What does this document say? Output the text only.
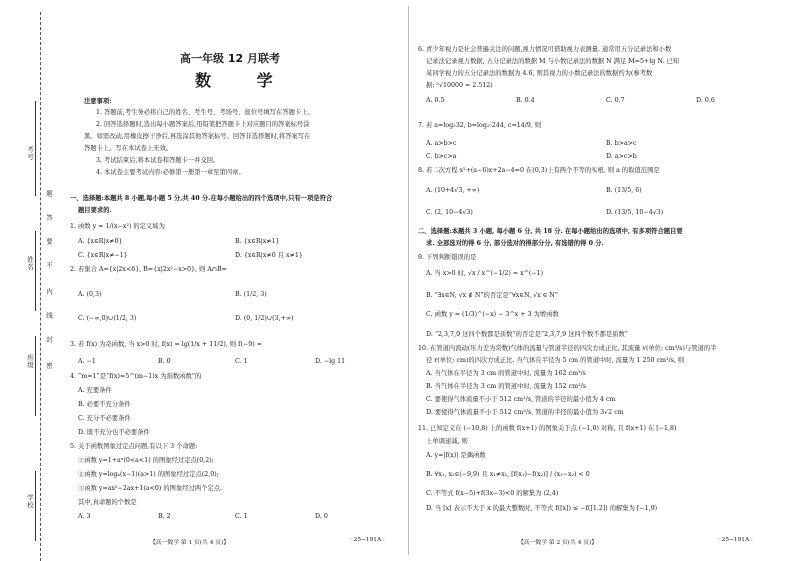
考号
姓名
班级
学校
题
答
要
不
内
线
封
密
高一年级 12 月联考
数 学
注意事项:
1. 答题前,考生务必将自己的姓名、考生号、考场号、座位号填写在答题卡上。
2. 回答选择题时,选出每小题答案后,用铅笔把答题卡上对应题目的答案标号涂
黑。如需改动,用橡皮擦干净后,再选涂其他答案标号。回答非选择题时,将答案写在
答题卡上。写在本试卷上无效。
3. 考试结束后,将本试卷和答题卡一并交回。
4. 本试卷主要考试内容:必修第一册第一章至第四章。
一、选择题:本题共 8 小题,每小题 5 分,共 40 分.在每小题给出的四个选项中,只有一项是符合
题目要求的.
1. 函数 y = 1/(x−x²) 的定义域为
A. {x∈R|x≠0}	B. {x∈R|x≠1}
C. {x∈R|x≠−1}	D. {x∈R|x≠0 且 x≠1}
2. 若集合 A={x|2x<6}, B={x|2x²−x>0}, 则 A∩B=
A. (0,3)	B. (1/2, 3)
C. (−∞,0)∪(1/2, 3)	D. (0, 1/2)∪(3,+∞)
3. 若 f(x) 为奇函数, 当 x>0 时, f(x) = lg(1/x + 11/2), 则 f(−9) =
A. −1	B. 0	C. 1	D. −lg 11
4. “m=1”是“f(x)=5^(m−1)x 为指数函数”的
A. 充要条件
B. 必要不充分条件
C. 充分不必要条件
D. 既不充分也不必要条件
5. 关于函数图象过定点问题,有以下 3 个命题:
①函数 y=1+aˣ(0<a<1) 的图象经过定点(0,2);
②函数 y=logₐ(x−1)(a>1) 的图象经过定点(2,0);
③函数 y=ax²−2ax+1(a<0) 的图象经过两个定点.
其中,真命题的个数是
A. 3	B. 2	C. 1	D. 0
【高一数学 第 1 页(共 4 页)】	· 25−191A ·
6. 青少年视力是社会普遍关注的问题,视力情况可借助视力表测量. 通常用五分记录法和小数
记录法记录视力数据, 五分记录法的数据 M 与小数记录法的数据 N 满足 M=5+lg N. 已知
某同学视力的五分记录法的数据为 4.6, 则其视力的小数记录法的数据约为(参考数
据: ⁵√10000 ≈ 2.512)
A. 0.5	B. 0.4	C. 0.7	D. 0.6
7. 若 a=log₃32, b=log₂₇244, c=14/9, 则
A. a>b>c	B. b>a>c
C. b>c>a	D. a>c>b
8. 若二次方程 x²+(a−6)x+2a−4=0 在(0,3)上有两个不等的实根, 则 a 的取值范围是
A. (10+4√3, +∞)	B. (13/5, 6)
C. (2, 10−4√3)	D. (13/5, 10−4√3)
二、选择题:本题共 3 小题, 每小题 6 分, 共 18 分. 在每小题给出的选项中, 有多项符合题目要
求. 全部选对的得 6 分, 部分选对的得部分分, 有选错的得 0 分.
9. 下列判断错误的是
A. 当 x>0 时, √x / x^(−1/2) = x^(−1)
B. “∃x∈N, √x ∉ N”的否定是“∀x∈N, √x ∈ N”
C. 函数 y = (1/3)^(−x) − 3^x + 3 为增函数
D. “2,3,7,9 这四个数都是质数”的否定是“2,3,7,9 这四个数不都是质数”
10. 在管道内流动(压力差为常数)气体的流量与管道半径的四次方成正比, 其流量 v(单位: cm³/s)与管道的半
径 r(单位: cm)的四次方成正比. 当气体在半径为 5 cm 的管道中时, 流量为 1 250 cm³/s, 则
A. 当气体在半径为 3 cm 的管道中时, 流量为 162 cm³/s
B. 当气体在半径为 3 cm 的管道中时, 流量为 152 cm³/s
C. 要使得气体流量不小于 512 cm³/s, 管道的半径的最小值为 4 cm
D. 要使得气体流量不小于 512 cm³/s, 管道的半径的最小值为 3√2 cm
11. 已知定义在 (−10,8) 上的函数 f(x+1) 的图象关于点 (−1,0) 对称, 且 f(x+1) 在 [−1,8)
上单调递减, 则
A. y=|f(x)| 是偶函数
B. ∀x₁, x₂∈(−9,9) 且 x₁≠x₂, [f(x₁)−f(x₂)] / (x₁−x₂) < 0
C. 不等式 f(x−5)+f(3x−3)<0 的解集为 (2,4)
D. 当 [x] 表示不大于 x 的最大整数时, 不等式 f([x]) ≤ −f([1.2]) 的解集为 [−1,9)
【高一数学 第 2 页(共 4 页)】	· 25−191A ·
